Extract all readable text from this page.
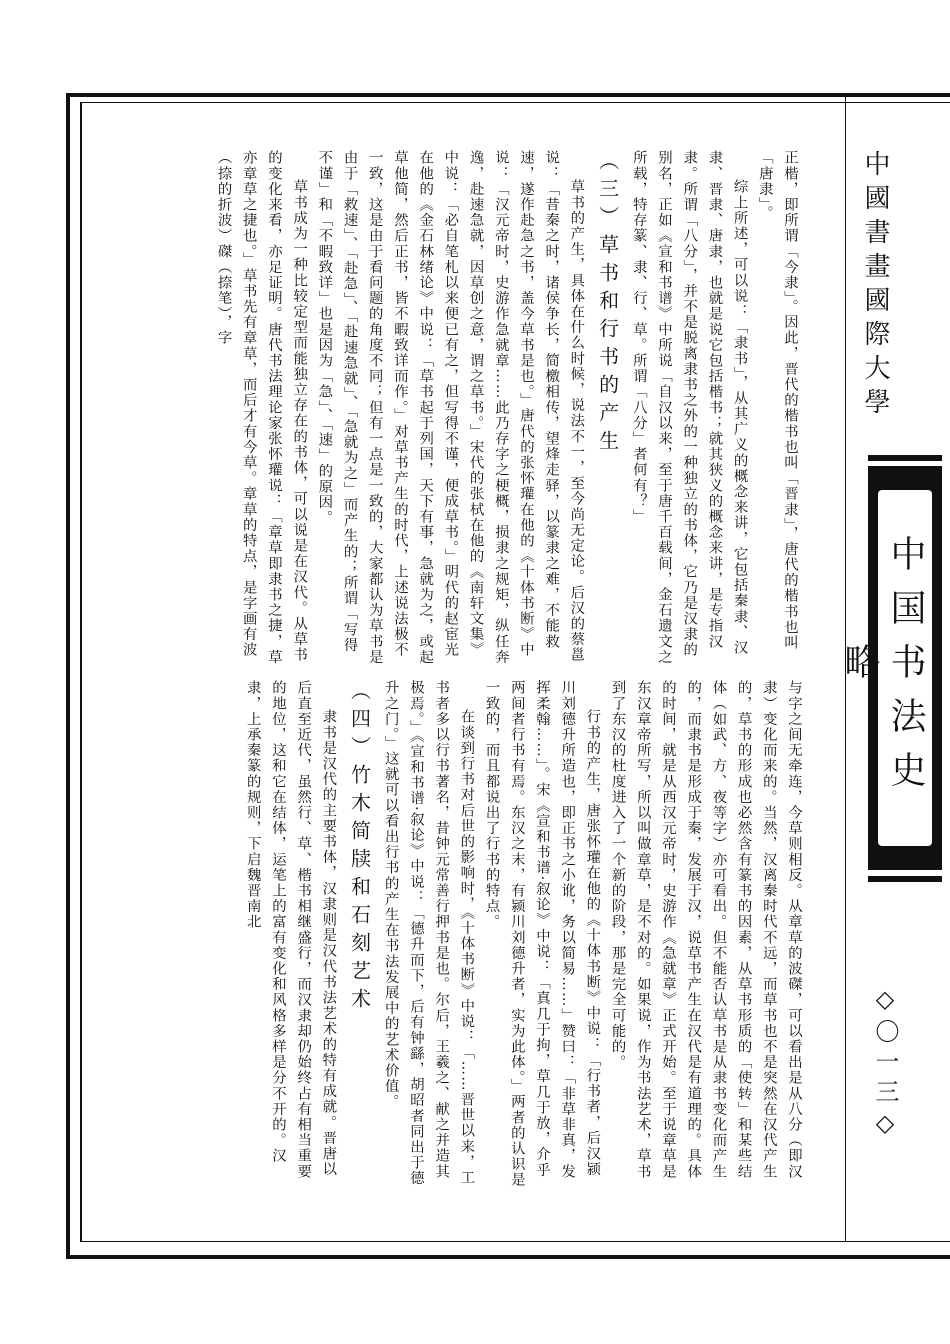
中國書畫國際大學
中国书法史略
◇〇一三◇

正楷，即所谓「今隶」。因此，晋代的楷书也叫「晋隶」，唐代的楷书也叫「唐隶」。

综上所述，可以说：「隶书」，从其广义的概念来讲，它包括秦隶、汉隶、晋隶、唐隶，也就是说它包括楷书；就其狭义的概念来讲，是专指汉隶。所谓「八分」，并不是脱离隶书之外的一种独立的书体，它乃是汉隶的别名，正如《宣和书谱》中所说「自汉以来，至于唐千百载间，金石遗文之所载，特存篆、隶、行、草。所谓「八分」者何有？」

（三）草书和行书的产生

草书的产生，具体在什么时候，说法不一，至今尚无定论。后汉的蔡邕说：「昔秦之时，诸侯争长，简檄相传，望烽走驿，以篆隶之难，不能救速，遂作赴急之书，盖今草书是也。」唐代的张怀瓘在他的《十体书断》中说：「汉元帝时，史游作急就章……此乃存字之梗概，损隶之规矩，纵任奔逸，赴速急就，因草创之意，谓之草书。」宋代的张栻在他的《南轩文集》中说：「必自笔札以来便已有之，但写得不谨，便成草书。」明代的赵宦光在他的《金石林绪论》中说：「草书起于列国，天下有事，急就为之，或起草他简，然后正书，皆不暇致详而作。」对草书产生的时代，上述说法极不一致，这是由于看问题的角度不同；但有一点是一致的，大家都认为草书是由于「救速」、「赴急」、「赴速急就」、「急就为之」而产生的；所谓「写得不谨」和「不暇致详」也是因为「急」、「速」的原因。

草书成为一种比较定型而能独立存在的书体，可以说是在汉代。从草书的变化来看，亦足证明。唐代书法理论家张怀瓘说：「章草即隶书之捷，草亦章草之捷也。」草书先有章草，而后才有今草。章草的特点，是字画有波（捺的折波）磔（捺笔），字

与字之间无牵连，今草则相反。从章草的波磔，可以看出是从八分（即汉隶）变化而来的。当然，汉离秦时代不远，而草书也不是突然在汉代产生的，草书的形成也必然含有篆书的因素，从草书形质的「使转」和某些结体（如武、方、夜等字）亦可看出。但不能否认草书是从隶书变化而产生的，而隶书是形成于秦，发展于汉，说草书产生在汉代是有道理的。具体的时间，就是从西汉元帝时，史游作《急就章》正式开始。至于说章草是东汉章帝所写，所以叫做章草，是不对的。如果说，作为书法艺术，草书到了东汉的杜度进入了一个新的阶段，那是完全可能的。

行书的产生，唐张怀瓘在他的《十体书断》中说：「行书者，后汉颍川刘德升所造也，即正书之小讹，务以简易……」赞曰：「非草非真，发挥柔翰……」。宋《宣和书谱·叙论》中说：「真几于拘，草几于放，介乎两间者行书有焉。东汉之末，有颍川刘德升者，实为此体。」两者的认识是一致的，而且都说出了行书的特点。

在谈到行书对后世的影响时，《十体书断》中说：「……晋世以来，工书者多以行书著名，昔钟元常善行押书是也。尔后，王羲之、献之并造其极焉。」《宣和书谱·叙论》中说：「德升而下，后有钟繇，胡昭者同出于德升之门。」这就可以看出行书的产生在书法发展中的艺术价值。

（四）竹木简牍和石刻艺术

隶书是汉代的主要书体，汉隶则是汉代书法艺术的特有成就。晋唐以后直至近代，虽然行、草、楷书相继盛行，而汉隶却仍始终占有相当重要的地位，这和它在结体，运笔上的富有变化和风格多样是分不开的。汉隶，上承秦篆的规则，下启魏晋南北
